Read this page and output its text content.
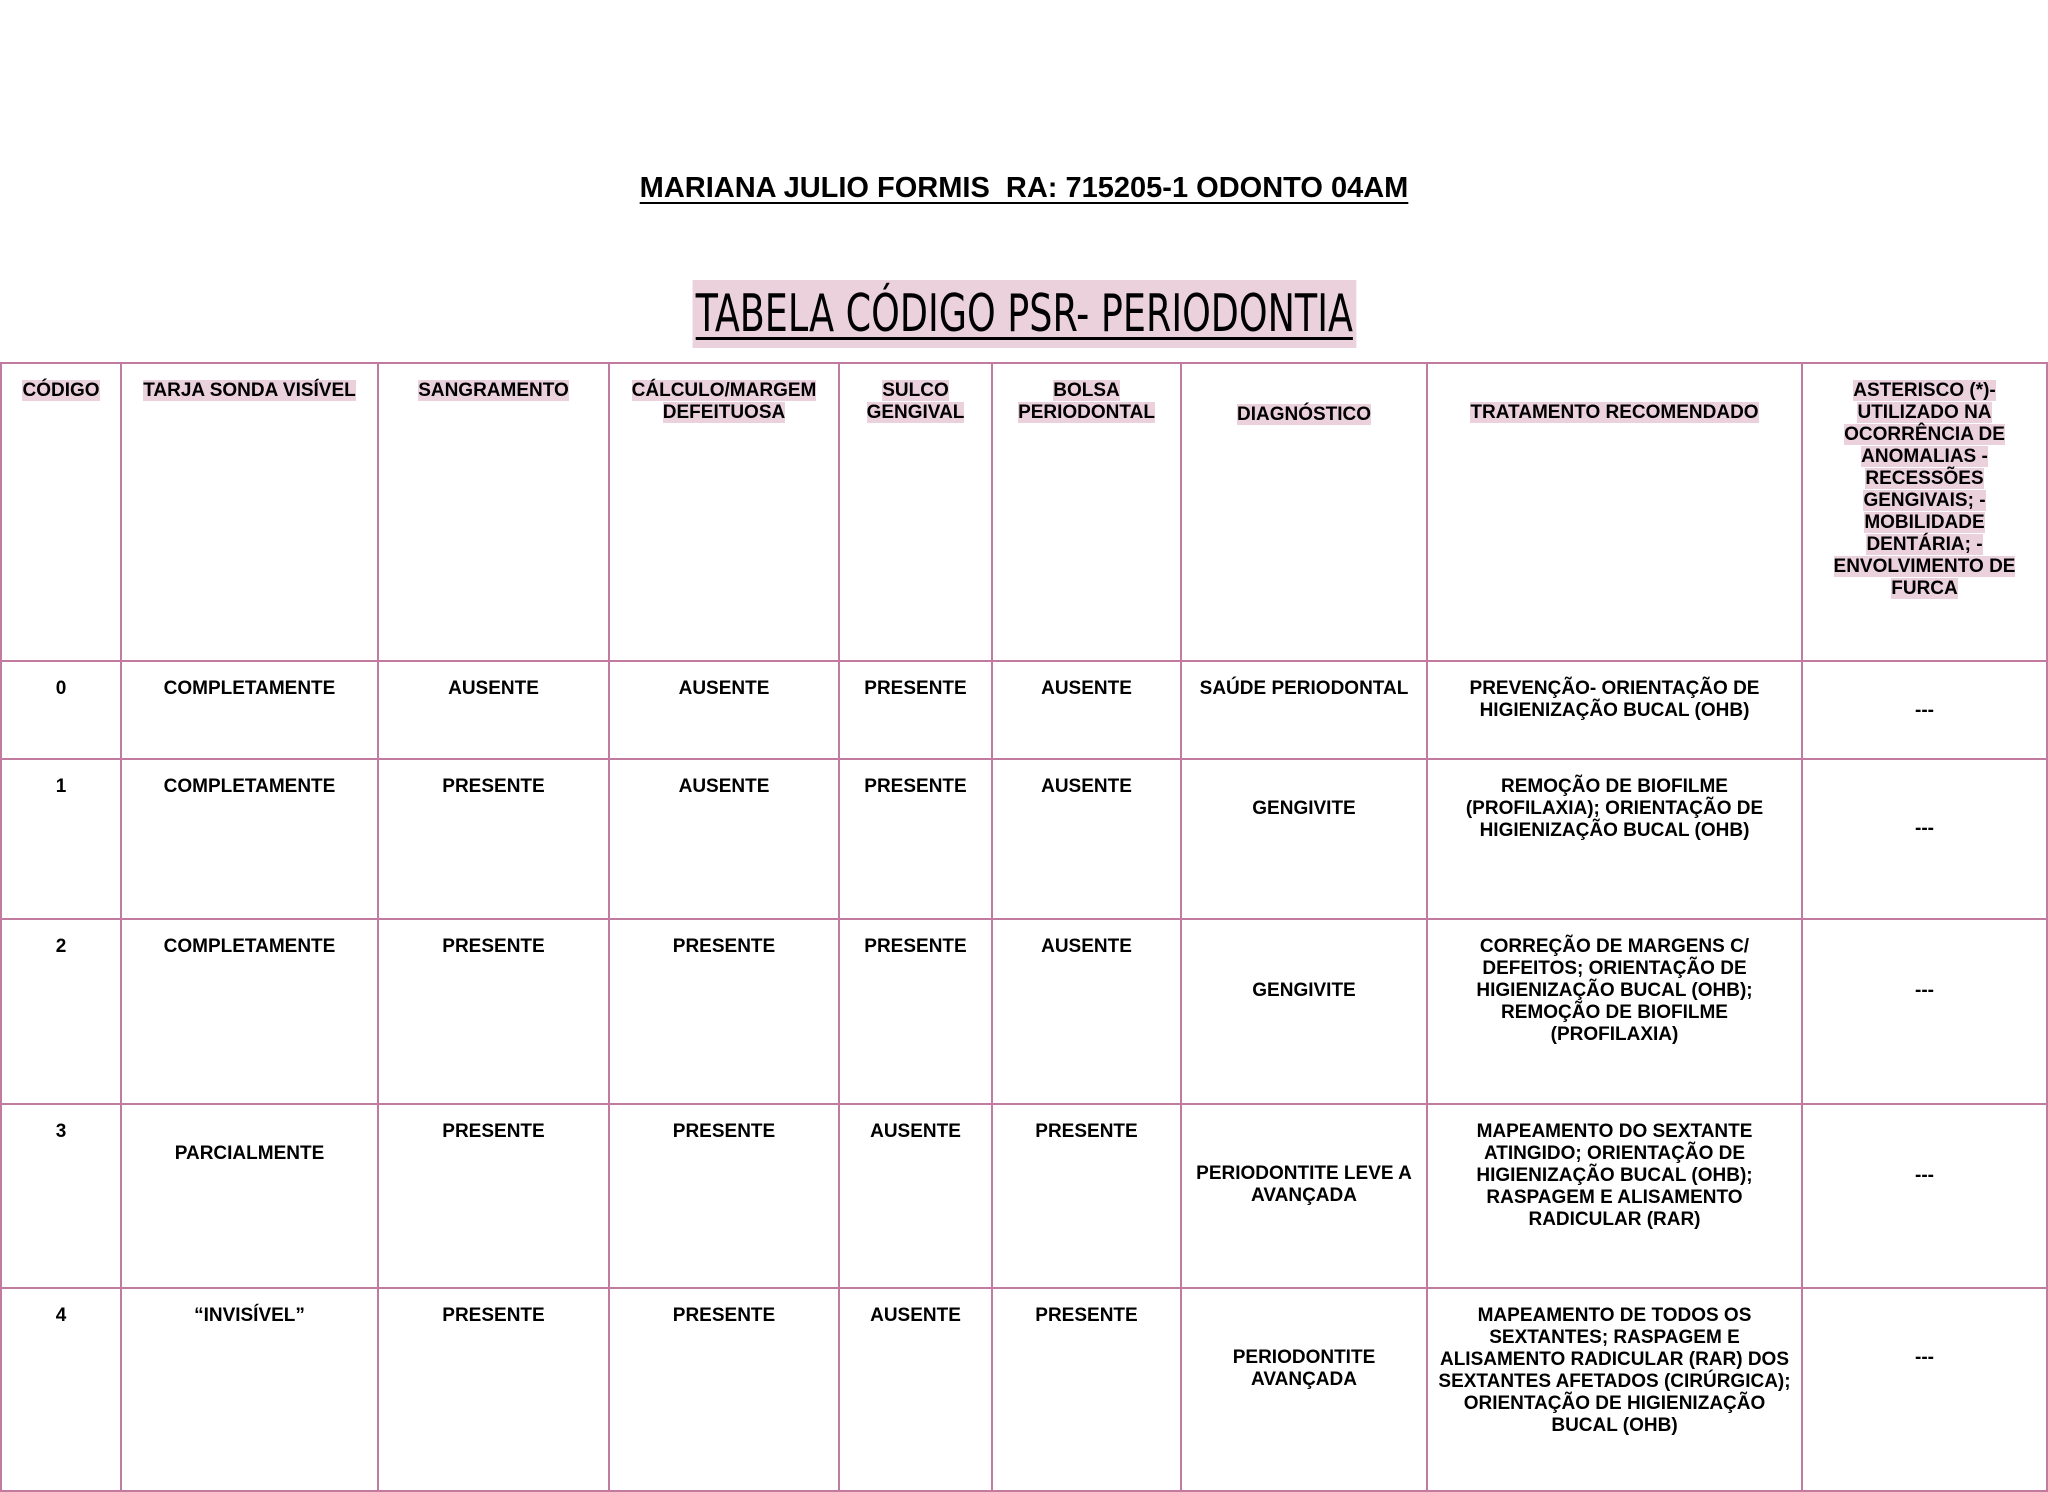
MARIANA JULIO FORMIS  RA: 715205-1 ODONTO 04AM
TABELA CÓDIGO PSR- PERIODONTIA
CÓDIGO	TARJA SONDA VISÍVEL	SANGRAMENTO	CÁLCULO/MARGEM DEFEITUOSA	SULCO GENGIVAL	BOLSA PERIODONTAL	DIAGNÓSTICO	TRATAMENTO RECOMENDADO	ASTERISCO (*)- UTILIZADO NA OCORRÊNCIA DE ANOMALIAS -RECESSÕES GENGIVAIS; -MOBILIDADE DENTÁRIA; -ENVOLVIMENTO DE FURCA
0	COMPLETAMENTE	AUSENTE	AUSENTE	PRESENTE	AUSENTE	SAÚDE PERIODONTAL	PREVENÇÃO- ORIENTAÇÃO DE HIGIENIZAÇÃO BUCAL (OHB)	---
1	COMPLETAMENTE	PRESENTE	AUSENTE	PRESENTE	AUSENTE	GENGIVITE	REMOÇÃO DE BIOFILME (PROFILAXIA); ORIENTAÇÃO DE HIGIENIZAÇÃO BUCAL (OHB)	---
2	COMPLETAMENTE	PRESENTE	PRESENTE	PRESENTE	AUSENTE	GENGIVITE	CORREÇÃO DE MARGENS C/ DEFEITOS; ORIENTAÇÃO DE HIGIENIZAÇÃO BUCAL (OHB); REMOÇÃO DE BIOFILME (PROFILAXIA)	---
3	PARCIALMENTE	PRESENTE	PRESENTE	AUSENTE	PRESENTE	PERIODONTITE LEVE A AVANÇADA	MAPEAMENTO DO SEXTANTE ATINGIDO; ORIENTAÇÃO DE HIGIENIZAÇÃO BUCAL (OHB); RASPAGEM E ALISAMENTO RADICULAR (RAR)	---
4	“INVISÍVEL”	PRESENTE	PRESENTE	AUSENTE	PRESENTE	PERIODONTITE AVANÇADA	MAPEAMENTO DE TODOS OS SEXTANTES; RASPAGEM E ALISAMENTO RADICULAR (RAR) DOS SEXTANTES AFETADOS (CIRÚRGICA); ORIENTAÇÃO DE HIGIENIZAÇÃO BUCAL (OHB)	---
